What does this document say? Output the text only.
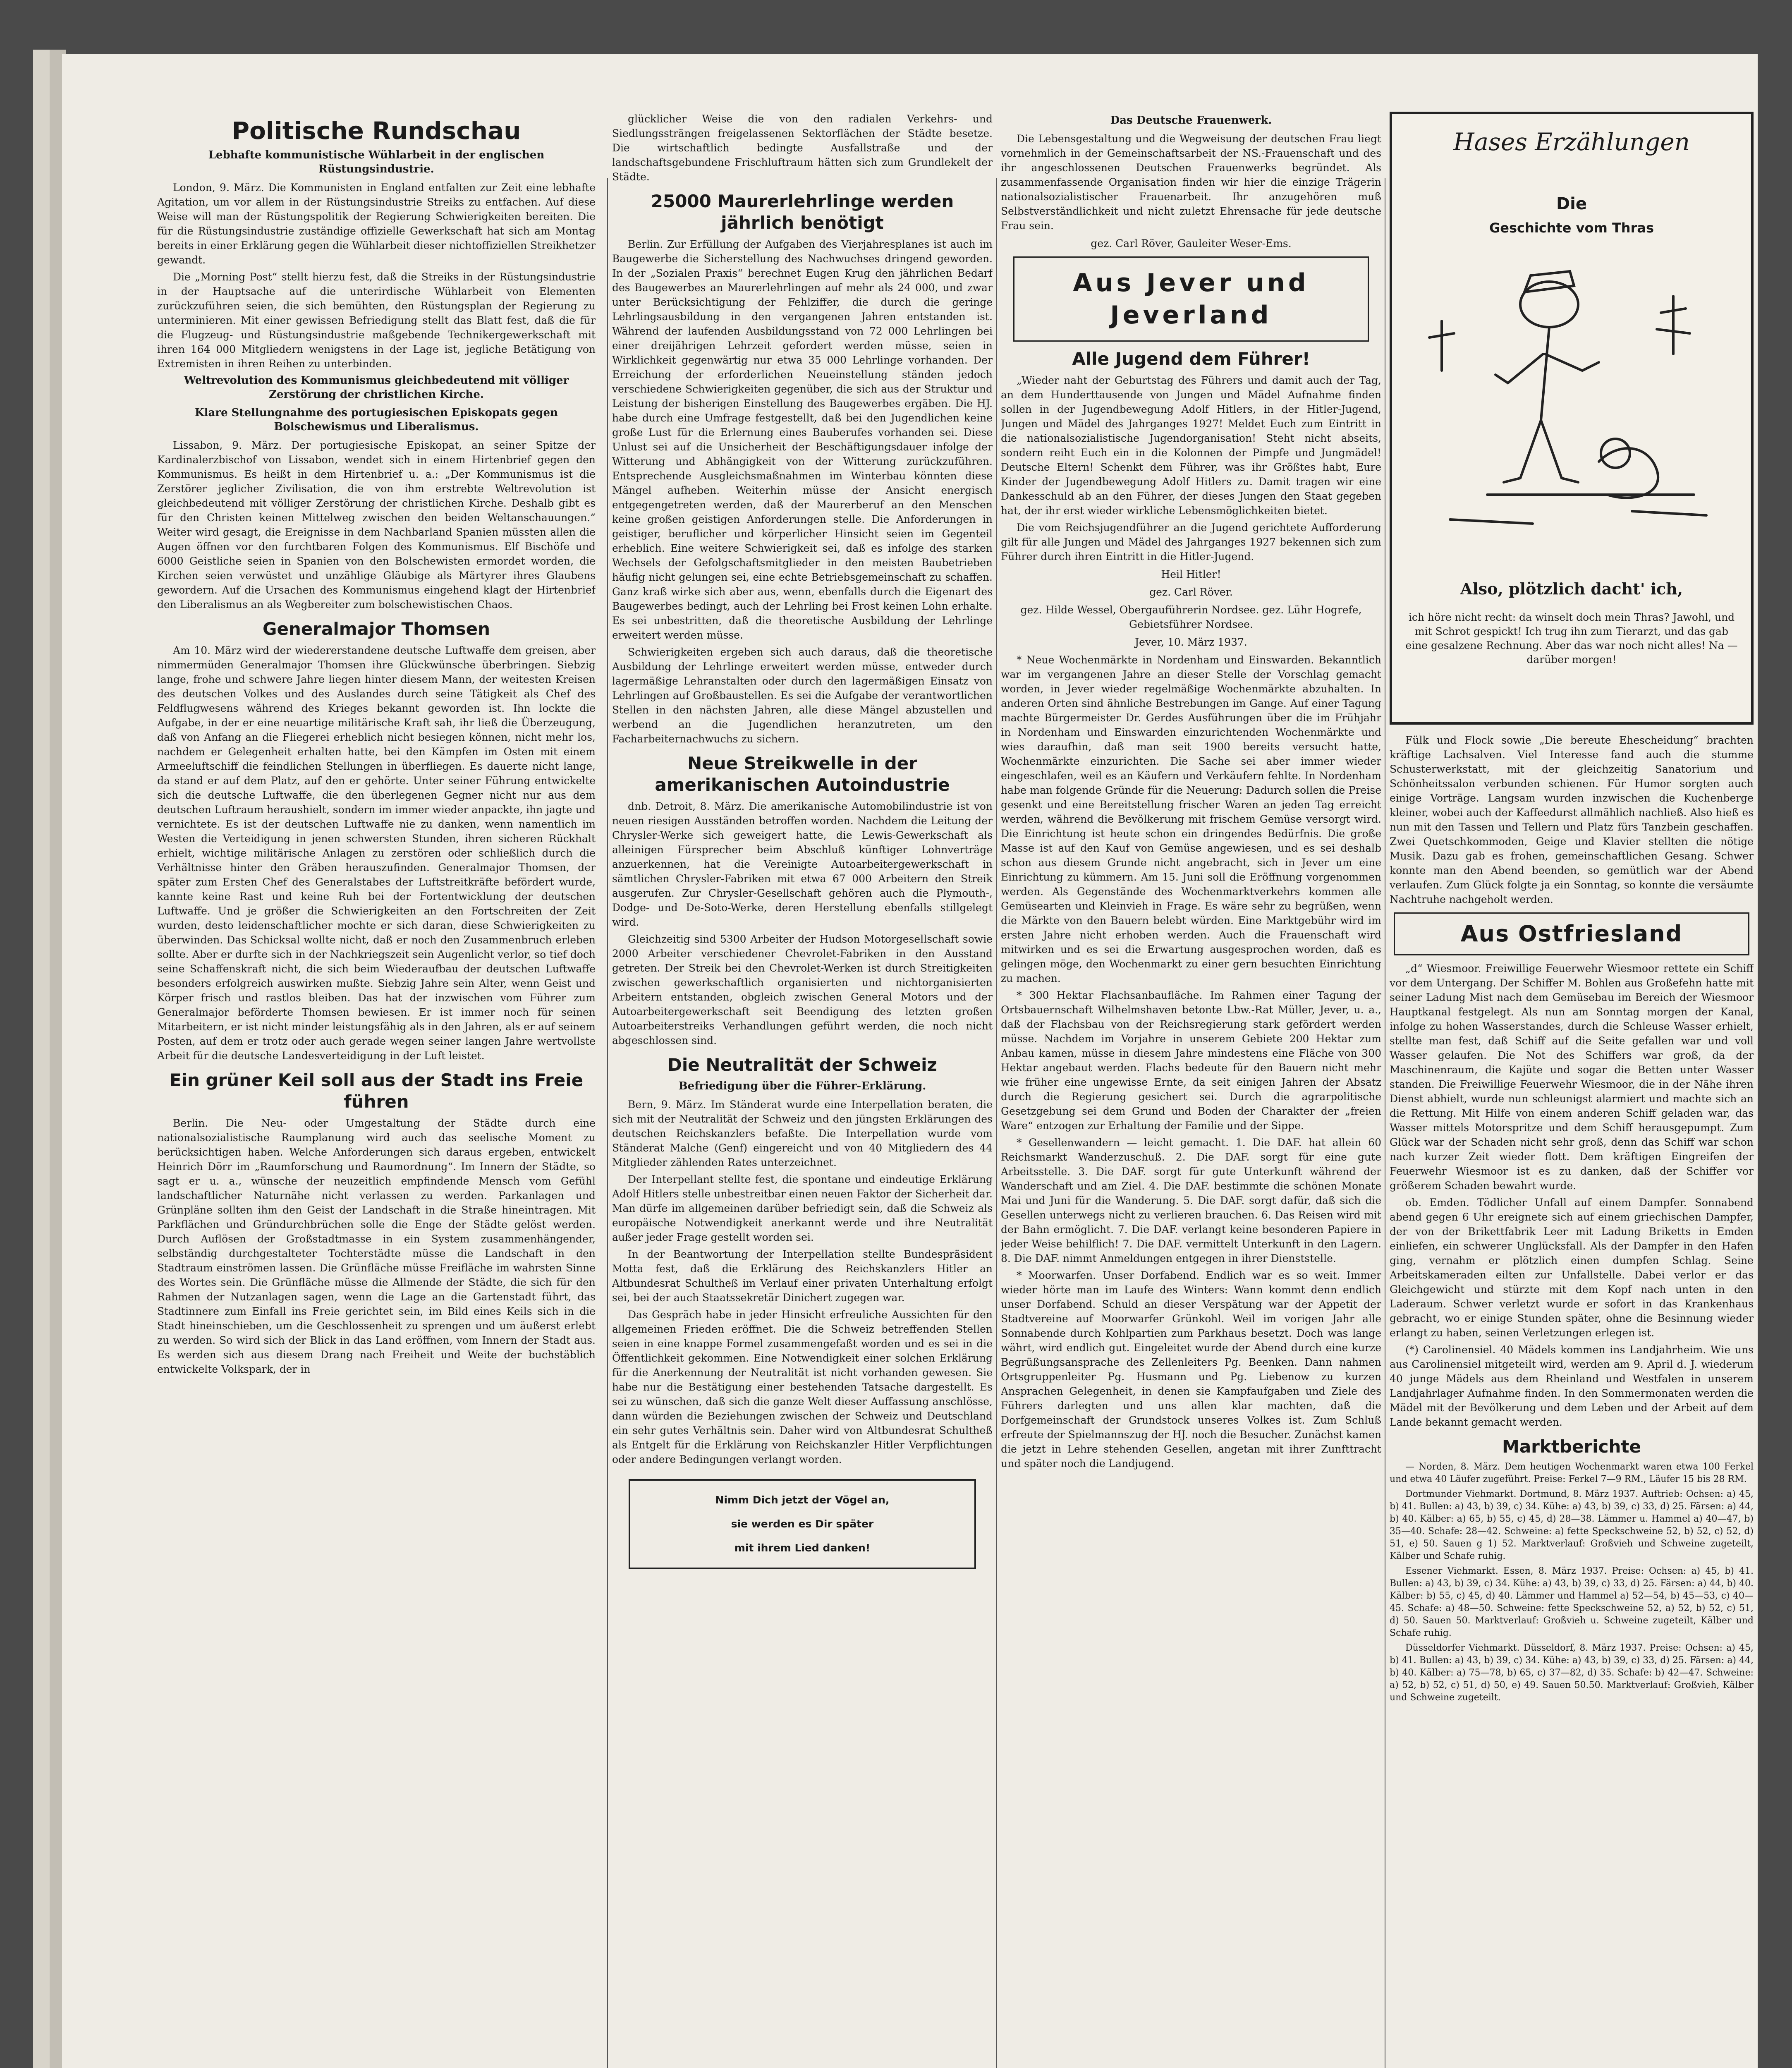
Politische Rundschau
Lebhafte kommunistische Wühlarbeit in der englischen Rüstungsindustrie.

London, 9. März. Die Kommunisten in England entfalten zur Zeit eine lebhafte Agitation, um vor allem in der Rüstungsindustrie Streiks zu entfachen. Auf diese Weise will man der Rüstungspolitik der Regierung Schwierigkeiten bereiten. Die für die Rüstungsindustrie zuständige offizielle Gewerkschaft hat sich am Montag bereits in einer Erklärung gegen die Wühlarbeit dieser nichtoffiziellen Streikhetzer gewandt.

Die „Morning Post“ stellt hierzu fest, daß die Streiks in der Rüstungsindustrie in der Hauptsache auf die unterirdische Wühlarbeit von Elementen zurückzuführen seien, die sich bemühten, den Rüstungsplan der Regierung zu unterminieren. Mit einer gewissen Befriedigung stellt das Blatt fest, daß die für die Flugzeug- und Rüstungsindustrie maßgebende Technikergewerkschaft mit ihren 164 000 Mitgliedern wenigstens in der Lage ist, jegliche Betätigung von Extremisten in ihren Reihen zu unterbinden.

Weltrevolution des Kommunismus gleichbedeutend mit völliger Zerstörung der christlichen Kirche.
Klare Stellungnahme des portugiesischen Episkopats gegen Bolschewismus und Liberalismus.

Lissabon, 9. März. Der portugiesische Episkopat, an seiner Spitze der Kardinalerzbischof von Lissabon, wendet sich in einem Hirtenbrief gegen den Kommunismus. Es heißt in dem Hirtenbrief u. a.: „Der Kommunismus ist die Zerstörer jeglicher Zivilisation, die von ihm erstrebte Weltrevolution ist gleichbedeutend mit völliger Zerstörung der christlichen Kirche. Deshalb gibt es für den Christen keinen Mittelweg zwischen den beiden Weltanschauungen.“ Weiter wird gesagt, die Ereignisse in dem Nachbarland Spanien müssten allen die Augen öffnen vor den furchtbaren Folgen des Kommunismus. Elf Bischöfe und 6000 Geistliche seien in Spanien von den Bolschewisten ermordet worden, die Kirchen seien verwüstet und unzählige Gläubige als Märtyrer ihres Glaubens gewordern. Auf die Ursachen des Kommunismus eingehend klagt der Hirtenbrief den Liberalismus an als Wegbereiter zum bolschewistischen Chaos.

Generalmajor Thomsen

Am 10. März wird der wiedererstandene deutsche Luftwaffe dem greisen, aber nimmermüden Generalmajor Thomsen ihre Glückwünsche überbringen. Siebzig lange, frohe und schwere Jahre liegen hinter diesem Mann, der weitesten Kreisen des deutschen Volkes und des Auslandes durch seine Tätigkeit als Chef des Feldflugwesens während des Krieges bekannt geworden ist. Ihn lockte die Aufgabe, in der er eine neuartige militärische Kraft sah, ihr ließ die Überzeugung, daß von Anfang an die Fliegerei erheblich nicht besiegen können, nicht mehr los, nachdem er Gelegenheit erhalten hatte, bei den Kämpfen im Osten mit einem Armeeluftschiff die feindlichen Stellungen in überfliegen. Es dauerte nicht lange, da stand er auf dem Platz, auf den er gehörte. Unter seiner Führung entwickelte sich die deutsche Luftwaffe, die den überlegenen Gegner nicht nur aus dem deutschen Luftraum heraushielt, sondern im immer wieder anpackte, ihn jagte und vernichtete. Es ist der deutschen Luftwaffe nie zu danken, wenn namentlich im Westen die Verteidigung in jenen schwersten Stunden, ihren sicheren Rückhalt erhielt, wichtige militärische Anlagen zu zerstören oder schließlich durch die Verhältnisse hinter den Gräben herauszufinden. Generalmajor Thomsen, der später zum Ersten Chef des Generalstabes der Luftstreitkräfte befördert wurde, kannte keine Rast und keine Ruh bei der Fortentwicklung der deutschen Luftwaffe. Und je größer die Schwierigkeiten an den Fortschreiten der Zeit wurden, desto leidenschaftlicher mochte er sich daran, diese Schwierigkeiten zu überwinden. Das Schicksal wollte nicht, daß er noch den Zusammenbruch erleben sollte. Aber er durfte sich in der Nachkriegszeit sein Augenlicht verlor, so tief doch seine Schaffenskraft nicht, die sich beim Wiederaufbau der deutschen Luftwaffe besonders erfolgreich auswirken mußte. Siebzig Jahre sein Alter, wenn Geist und Körper frisch und rastlos bleiben. Das hat der inzwischen vom Führer zum Generalmajor beförderte Thomsen bewiesen. Er ist immer noch für seinen Mitarbeitern, er ist nicht minder leistungsfähig als in den Jahren, als er auf seinem Posten, auf dem er trotz oder auch gerade wegen seiner langen Jahre wertvollste Arbeit für die deutsche Landesverteidigung in der Luft leistet.

Ein grüner Keil soll aus der Stadt ins Freie führen

Berlin. Die Neu- oder Umgestaltung der Städte durch eine nationalsozialistische Raumplanung wird auch das seelische Moment zu berücksichtigen haben. Welche Anforderungen sich daraus ergeben, entwickelt Heinrich Dörr im „Raumforschung und Raumordnung“. Im Innern der Städte, so sagt er u. a., wünsche der neuzeitlich empfindende Mensch vom Gefühl landschaftlicher Naturnähe nicht verlassen zu werden. Parkanlagen und Grünpläne sollten ihm den Geist der Landschaft in die Straße hineintragen. Mit Parkflächen und Gründurchbrüchen solle die Enge der Städte gelöst werden. Durch Auflösen der Großstadtmasse in ein System zusammenhängender, selbständig durchgestalteter Tochterstädte müsse die Landschaft in den Stadtraum einströmen lassen. Die Grünfläche müsse Freifläche im wahrsten Sinne des Wortes sein. Die Grünfläche müsse die Allmende der Städte, die sich für den Rahmen der Nutzanlagen sagen, wenn die Lage an die Gartenstadt führt, das Stadtinnere zum Einfall ins Freie gerichtet sein, im Bild eines Keils sich in die Stadt hineinschieben, um die Geschlossenheit zu sprengen und um äußerst erlebt zu werden. So wird sich der Blick in das Land eröffnen, vom Innern der Stadt aus. Es werden sich aus diesem Drang nach Freiheit und Weite der buchstäblich entwickelte Volkspark, der in

glücklicher Weise die von den radialen Verkehrs- und Siedlungssträngen freigelassenen Sektorflächen der Städte besetze. Die wirtschaftlich bedingte Ausfallstraße und der landschaftsgebundene Frischluftraum hätten sich zum Grundlekelt der Städte.

25000 Maurerlehrlinge werden jährlich benötigt

Berlin. Zur Erfüllung der Aufgaben des Vierjahresplanes ist auch im Baugewerbe die Sicherstellung des Nachwuchses dringend geworden. In der „Sozialen Praxis“ berechnet Eugen Krug den jährlichen Bedarf des Baugewerbes an Maurerlehrlingen auf mehr als 24 000, und zwar unter Berücksichtigung der Fehlziffer, die durch die geringe Lehrlingsausbildung in den vergangenen Jahren entstanden ist. Während der laufenden Ausbildungsstand von 72 000 Lehrlingen bei einer dreijährigen Lehrzeit gefordert werden müsse, seien in Wirklichkeit gegenwärtig nur etwa 35 000 Lehrlinge vorhanden. Der Erreichung der erforderlichen Neueinstellung ständen jedoch verschiedene Schwierigkeiten gegenüber, die sich aus der Struktur und Leistung der bisherigen Einstellung des Baugewerbes ergäben. Die HJ. habe durch eine Umfrage festgestellt, daß bei den Jugendlichen keine große Lust für die Erlernung eines Bauberufes vorhanden sei. Diese Unlust sei auf die Unsicherheit der Beschäftigungsdauer infolge der Witterung und Abhängigkeit von der Witterung zurückzuführen. Entsprechende Ausgleichsmaßnahmen im Winterbau könnten diese Mängel aufheben. Weiterhin müsse der Ansicht energisch entgegengetreten werden, daß der Maurerberuf an den Menschen keine großen geistigen Anforderungen stelle. Die Anforderungen in geistiger, beruflicher und körperlicher Hinsicht seien im Gegenteil erheblich. Eine weitere Schwierigkeit sei, daß es infolge des starken Wechsels der Gefolgschaftsmitglieder in den meisten Baubetrieben häufig nicht gelungen sei, eine echte Betriebsgemeinschaft zu schaffen. Ganz kraß wirke sich aber aus, wenn, ebenfalls durch die Eigenart des Baugewerbes bedingt, auch der Lehrling bei Frost keinen Lohn erhalte. Es sei unbestritten, daß die theoretische Ausbildung der Lehrlinge erweitert werden müsse.

Schwierigkeiten ergeben sich auch daraus, daß die theoretische Ausbildung der Lehrlinge erweitert werden müsse, entweder durch lagermäßige Lehranstalten oder durch den lagermäßigen Einsatz von Lehrlingen auf Großbaustellen. Es sei die Aufgabe der verantwortlichen Stellen in den nächsten Jahren, alle diese Mängel abzustellen und werbend an die Jugendlichen heranzutreten, um den Facharbeiternachwuchs zu sichern.

Neue Streikwelle in der amerikanischen Autoindustrie

dnb. Detroit, 8. März. Die amerikanische Automobilindustrie ist von neuen riesigen Ausständen betroffen worden. Nachdem die Leitung der Chrysler-Werke sich geweigert hatte, die Lewis-Gewerkschaft als alleinigen Fürsprecher beim Abschluß künftiger Lohnverträge anzuerkennen, hat die Vereinigte Autoarbeitergewerkschaft in sämtlichen Chrysler-Fabriken mit etwa 67 000 Arbeitern den Streik ausgerufen. Zur Chrysler-Gesellschaft gehören auch die Plymouth-, Dodge- und De-Soto-Werke, deren Herstellung ebenfalls stillgelegt wird.

Gleichzeitig sind 5300 Arbeiter der Hudson Motorgesellschaft sowie 2000 Arbeiter verschiedener Chevrolet-Fabriken in den Ausstand getreten. Der Streik bei den Chevrolet-Werken ist durch Streitigkeiten zwischen gewerkschaftlich organisierten und nichtorganisierten Arbeitern entstanden, obgleich zwischen General Motors und der Autoarbeitergewerkschaft seit Beendigung des letzten großen Autoarbeiterstreiks Verhandlungen geführt werden, die noch nicht abgeschlossen sind.

Die Neutralität der Schweiz
Befriedigung über die Führer-Erklärung.

Bern, 9. März. Im Ständerat wurde eine Interpellation beraten, die sich mit der Neutralität der Schweiz und den jüngsten Erklärungen des deutschen Reichskanzlers befaßte. Die Interpellation wurde vom Ständerat Malche (Genf) eingereicht und von 40 Mitgliedern des 44 Mitglieder zählenden Rates unterzeichnet.

Der Interpellant stellte fest, die spontane und eindeutige Erklärung Adolf Hitlers stelle unbestreitbar einen neuen Faktor der Sicherheit dar. Man dürfe im allgemeinen darüber befriedigt sein, daß die Schweiz als europäische Notwendigkeit anerkannt werde und ihre Neutralität außer jeder Frage gestellt worden sei.

In der Beantwortung der Interpellation stellte Bundespräsident Motta fest, daß die Erklärung des Reichskanzlers Hitler an Altbundesrat Schultheß im Verlauf einer privaten Unterhaltung erfolgt sei, bei der auch Staatssekretär Dinichert zugegen war.

Das Gespräch habe in jeder Hinsicht erfreuliche Aussichten für den allgemeinen Frieden eröffnet. Die die Schweiz betreffenden Stellen seien in eine knappe Formel zusammengefaßt worden und es sei in die Öffentlichkeit gekommen. Eine Notwendigkeit einer solchen Erklärung für die Anerkennung der Neutralität ist nicht vorhanden gewesen. Sie habe nur die Bestätigung einer bestehenden Tatsache dargestellt. Es sei zu wünschen, daß sich die ganze Welt dieser Auffassung anschlösse, dann würden die Beziehungen zwischen der Schweiz und Deutschland ein sehr gutes Verhältnis sein. Daher wird von Altbundesrat Schultheß als Entgelt für die Erklärung von Reichskanzler Hitler Verpflichtungen oder andere Bedingungen verlangt worden.

Nimm Dich jetzt der Vögel an,
sie werden es Dir später
mit ihrem Lied danken!
Das Deutsche Frauenwerk.

Die Lebensgestaltung und die Wegweisung der deutschen Frau liegt vornehmlich in der Gemeinschaftsarbeit der NS.-Frauenschaft und des ihr angeschlossenen Deutschen Frauenwerks begründet. Als zusammenfassende Organisation finden wir hier die einzige Trägerin nationalsozialistischer Frauenarbeit. Ihr anzugehören muß Selbstverständlichkeit und nicht zuletzt Ehrensache für jede deutsche Frau sein.

gez. Carl Röver, Gauleiter Weser-Ems.
Aus Jever und Jeverland
Alle Jugend dem Führer!

„Wieder naht der Geburtstag des Führers und damit auch der Tag, an dem Hunderttausende von Jungen und Mädel Aufnahme finden sollen in der Jugendbewegung Adolf Hitlers, in der Hitler-Jugend, Jungen und Mädel des Jahrganges 1927! Meldet Euch zum Eintritt in die nationalsozialistische Jugendorganisation! Steht nicht abseits, sondern reiht Euch ein in die Kolonnen der Pimpfe und Jungmädel! Deutsche Eltern! Schenkt dem Führer, was ihr Größtes habt, Eure Kinder der Jugendbewegung Adolf Hitlers zu. Damit tragen wir eine Dankesschuld ab an den Führer, der dieses Jungen den Staat gegeben hat, der ihr erst wieder wirkliche Lebensmöglichkeiten bietet.

Die vom Reichsjugendführer an die Jugend gerichtete Aufforderung gilt für alle Jungen und Mädel des Jahrganges 1927 bekennen sich zum Führer durch ihren Eintritt in die Hitler-Jugend.

Heil Hitler!
gez. Carl Röver.
gez. Hilde Wessel, Obergauführerin Nordsee. gez. Lühr Hogrefe, Gebietsführer Nordsee.
Jever, 10. März 1937.

* Neue Wochenmärkte in Nordenham und Einswarden. Bekanntlich war im vergangenen Jahre an dieser Stelle der Vorschlag gemacht worden, in Jever wieder regelmäßige Wochenmärkte abzuhalten. In anderen Orten sind ähnliche Bestrebungen im Gange. Auf einer Tagung machte Bürgermeister Dr. Gerdes Ausführungen über die im Frühjahr in Nordenham und Einswarden einzurichtenden Wochenmärkte und wies daraufhin, daß man seit 1900 bereits versucht hatte, Wochenmärkte einzurichten. Die Sache sei aber immer wieder eingeschlafen, weil es an Käufern und Verkäufern fehlte. In Nordenham habe man folgende Gründe für die Neuerung: Dadurch sollen die Preise gesenkt und eine Bereitstellung frischer Waren an jeden Tag erreicht werden, während die Bevölkerung mit frischem Gemüse versorgt wird. Die Einrichtung ist heute schon ein dringendes Bedürfnis. Die große Masse ist auf den Kauf von Gemüse angewiesen, und es sei deshalb schon aus diesem Grunde nicht angebracht, sich in Jever um eine Einrichtung zu kümmern. Am 15. Juni soll die Eröffnung vorgenommen werden. Als Gegenstände des Wochenmarktverkehrs kommen alle Gemüsearten und Kleinvieh in Frage. Es wäre sehr zu begrüßen, wenn die Märkte von den Bauern belebt würden. Eine Marktgebühr wird im ersten Jahre nicht erhoben werden. Auch die Frauenschaft wird mitwirken und es sei die Erwartung ausgesprochen worden, daß es gelingen möge, den Wochenmarkt zu einer gern besuchten Einrichtung zu machen.

* 300 Hektar Flachsanbaufläche. Im Rahmen einer Tagung der Ortsbauernschaft Wilhelmshaven betonte Lbw.-Rat Müller, Jever, u. a., daß der Flachsbau von der Reichsregierung stark gefördert werden müsse. Nachdem im Vorjahre in unserem Gebiete 200 Hektar zum Anbau kamen, müsse in diesem Jahre mindestens eine Fläche von 300 Hektar angebaut werden. Flachs bedeute für den Bauern nicht mehr wie früher eine ungewisse Ernte, da seit einigen Jahren der Absatz durch die Regierung gesichert sei. Durch die agrarpolitische Gesetzgebung sei dem Grund und Boden der Charakter der „freien Ware“ entzogen zur Erhaltung der Familie und der Sippe.

* Gesellenwandern — leicht gemacht. 1. Die DAF. hat allein 60 Reichsmarkt Wanderzuschuß. 2. Die DAF. sorgt für eine gute Arbeitsstelle. 3. Die DAF. sorgt für gute Unterkunft während der Wanderschaft und am Ziel. 4. Die DAF. bestimmte die schönen Monate Mai und Juni für die Wanderung. 5. Die DAF. sorgt dafür, daß sich die Gesellen unterwegs nicht zu verlieren brauchen. 6. Das Reisen wird mit der Bahn ermöglicht. 7. Die DAF. verlangt keine besonderen Papiere in jeder Weise behilflich! 7. Die DAF. vermittelt Unterkunft in den Lagern. 8. Die DAF. nimmt Anmeldungen entgegen in ihrer Dienststelle.

* Moorwarfen. Unser Dorfabend. Endlich war es so weit. Immer wieder hörte man im Laufe des Winters: Wann kommt denn endlich unser Dorfabend. Schuld an dieser Verspätung war der Appetit der Stadtvereine auf Moorwarfer Grünkohl. Weil im vorigen Jahr alle Sonnabende durch Kohlpartien zum Parkhaus besetzt. Doch was lange währt, wird endlich gut. Eingeleitet wurde der Abend durch eine kurze Begrüßungsansprache des Zellenleiters Pg. Beenken. Dann nahmen Ortsgruppenleiter Pg. Husmann und Pg. Liebenow zu kurzen Ansprachen Gelegenheit, in denen sie Kampfaufgaben und Ziele des Führers darlegten und uns allen klar machten, daß die Dorfgemeinschaft der Grundstock unseres Volkes ist. Zum Schluß erfreute der Spielmannszug der HJ. noch die Besucher. Zunächst kamen die jetzt in Lehre stehenden Gesellen, angetan mit ihrer Zunfttracht und später noch die Landjugend.

Hases Erzählungen
Die
Geschichte vom Thras
Also, plötzlich dacht' ich,
ich höre nicht recht: da winselt doch mein Thras? Jawohl, und mit Schrot gespickt! Ich trug ihn zum Tierarzt, und das gab eine gesalzene Rechnung. Aber das war noch nicht alles! Na — darüber morgen!

Fülk und Flock sowie „Die bereute Ehescheidung“ brachten kräftige Lachsalven. Viel Interesse fand auch die stumme Schusterwerkstatt, mit der gleichzeitig Sanatorium und Schönheitssalon verbunden schienen. Für Humor sorgten auch einige Vorträge. Langsam wurden inzwischen die Kuchenberge kleiner, wobei auch der Kaffeedurst allmählich nachließ. Also hieß es nun mit den Tassen und Tellern und Platz fürs Tanzbein geschaffen. Zwei Quetschkommoden, Geige und Klavier stellten die nötige Musik. Dazu gab es frohen, gemeinschaftlichen Gesang. Schwer konnte man den Abend beenden, so gemütlich war der Abend verlaufen. Zum Glück folgte ja ein Sonntag, so konnte die versäumte Nachtruhe nachgeholt werden.

Aus Ostfriesland

„d“ Wiesmoor. Freiwillige Feuerwehr Wiesmoor rettete ein Schiff vor dem Untergang. Der Schiffer M. Bohlen aus Großefehn hatte mit seiner Ladung Mist nach dem Gemüsebau im Bereich der Wiesmoor Hauptkanal festgelegt. Als nun am Sonntag morgen der Kanal, infolge zu hohen Wasserstandes, durch die Schleuse Wasser erhielt, stellte man fest, daß Schiff auf die Seite gefallen war und voll Wasser gelaufen. Die Not des Schiffers war groß, da der Maschinenraum, die Kajüte und sogar die Betten unter Wasser standen. Die Freiwillige Feuerwehr Wiesmoor, die in der Nähe ihren Dienst abhielt, wurde nun schleunigst alarmiert und machte sich an die Rettung. Mit Hilfe von einem anderen Schiff geladen war, das Wasser mittels Motorspritze und dem Schiff herausgepumpt. Zum Glück war der Schaden nicht sehr groß, denn das Schiff war schon nach kurzer Zeit wieder flott. Dem kräftigen Eingreifen der Feuerwehr Wiesmoor ist es zu danken, daß der Schiffer vor größerem Schaden bewahrt wurde.

ob. Emden. Tödlicher Unfall auf einem Dampfer. Sonnabend abend gegen 6 Uhr ereignete sich auf einem griechischen Dampfer, der von der Brikettfabrik Leer mit Ladung Briketts in Emden einliefen, ein schwerer Unglücksfall. Als der Dampfer in den Hafen ging, vernahm er plötzlich einen dumpfen Schlag. Seine Arbeitskameraden eilten zur Unfallstelle. Dabei verlor er das Gleichgewicht und stürzte mit dem Kopf nach unten in den Laderaum. Schwer verletzt wurde er sofort in das Krankenhaus gebracht, wo er einige Stunden später, ohne die Besinnung wieder erlangt zu haben, seinen Verletzungen erlegen ist.

(*) Carolinensiel. 40 Mädels kommen ins Landjahrheim. Wie uns aus Carolinensiel mitgeteilt wird, werden am 9. April d. J. wiederum 40 junge Mädels aus dem Rheinland und Westfalen in unserem Landjahrlager Aufnahme finden. In den Sommermonaten werden die Mädel mit der Bevölkerung und dem Leben und der Arbeit auf dem Lande bekannt gemacht werden.

Marktberichte

— Norden, 8. März. Dem heutigen Wochenmarkt waren etwa 100 Ferkel und etwa 40 Läufer zugeführt. Preise: Ferkel 7—9 RM., Läufer 15 bis 28 RM.

Dortmunder Viehmarkt. Dortmund, 8. März 1937. Auftrieb: Ochsen: a) 45, b) 41. Bullen: a) 43, b) 39, c) 34. Kühe: a) 43, b) 39, c) 33, d) 25. Färsen: a) 44, b) 40. Kälber: a) 65, b) 55, c) 45, d) 28—38. Lämmer u. Hammel a) 40—47, b) 35—40. Schafe: 28—42. Schweine: a) fette Speckschweine 52, b) 52, c) 52, d) 51, e) 50. Sauen g 1) 52. Marktverlauf: Großvieh und Schweine zugeteilt, Kälber und Schafe ruhig.

Essener Viehmarkt. Essen, 8. März 1937. Preise: Ochsen: a) 45, b) 41. Bullen: a) 43, b) 39, c) 34. Kühe: a) 43, b) 39, c) 33, d) 25. Färsen: a) 44, b) 40. Kälber: b) 55, c) 45, d) 40. Lämmer und Hammel a) 52—54, b) 45—53, c) 40—45. Schafe: a) 48—50. Schweine: fette Speckschweine 52, a) 52, b) 52, c) 51, d) 50. Sauen 50. Marktverlauf: Großvieh u. Schweine zugeteilt, Kälber und Schafe ruhig.

Düsseldorfer Viehmarkt. Düsseldorf, 8. März 1937. Preise: Ochsen: a) 45, b) 41. Bullen: a) 43, b) 39, c) 34. Kühe: a) 43, b) 39, c) 33, d) 25. Färsen: a) 44, b) 40. Kälber: a) 75—78, b) 65, c) 37—82, d) 35. Schafe: b) 42—47. Schweine: a) 52, b) 52, c) 51, d) 50, e) 49. Sauen 50.50. Marktverlauf: Großvieh, Kälber und Schweine zugeteilt.
